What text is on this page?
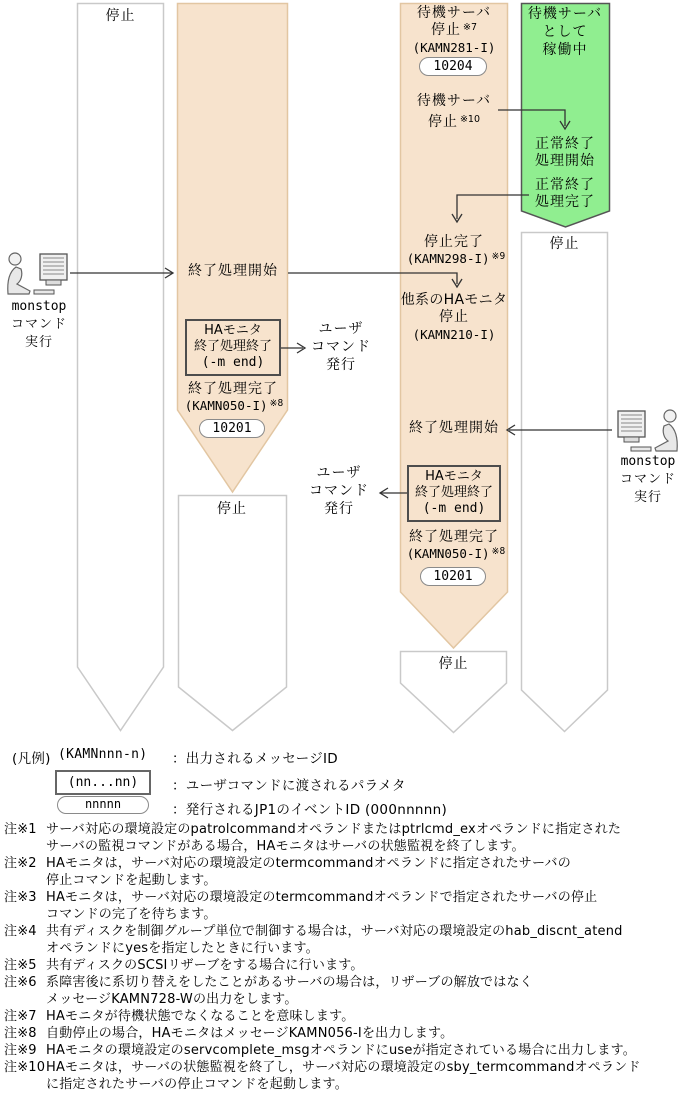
停止
終了処理開始
HAモニタ
終了処理終了
(-m end)
ユーザ
コマンド
発行
終了処理完了
(KAMN050-I) $^{※8}$
10201
停止
待機サーバ
停止 $^{※7}$
(KAMN281-I)
10204
待機サーバ
停止 $^{※10}$
停止完了
(KAMN298-I) $^{※9}$
他系のHAモニタ
停止
(KAMN210-I)
終了処理開始
HAモニタ
終了処理終了
(-m end)
ユーザ
コマンド
発行
終了処理完了
(KAMN050-I) $^{※8}$
10201
停止
待機サーバ
として
稼働中
正常終了
処理開始
正常終了
処理完了
停止
monstop
コマンド
実行
monstop
コマンド
実行
(凡例) (KAMNnnn-n) ：出力されるメッセージID
(nn...nn)	：ユーザコマンドに渡されるパラメタ
nnnnn	：発行されるJP1のイベントID (000nnnnn)
注※1 サーバ対応の環境設定のpatrolcommandオペランドまたはptrlcmd_exオペランドに指定された
サーバの監視コマンドがある場合，HAモニタはサーバの状態監視を終了します。
注※2 HAモニタは，サーバ対応の環境設定のtermcommandオペランドに指定されたサーバの
停止コマンドを起動します。
注※3 HAモニタは，サーバ対応の環境設定のtermcommandオペランドで指定されたサーバの停止
コマンドの完了を待ちます。
注※4 共有ディスクを制御グループ単位で制御する場合は，サーバ対応の環境設定のhab_discnt_atend
オペランドにyesを指定したときに行います。
注※5 共有ディスクのSCSIリザーブをする場合に行います。
注※6 系障害後に系切り替えをしたことがあるサーバの場合は，リザーブの解放ではなく
メッセージKAMN728-Wの出力をします。
注※7 HAモニタが待機状態でなくなることを意味します。
注※8 自動停止の場合，HAモニタはメッセージKAMN056-Iを出力します。
注※9 HAモニタの環境設定のservcomplete_msgオペランドにuseが指定されている場合に出力します。
注※10 HAモニタは，サーバの状態監視を終了し，サーバ対応の環境設定のsby_termcommandオペランド
に指定されたサーバの停止コマンドを起動します。
